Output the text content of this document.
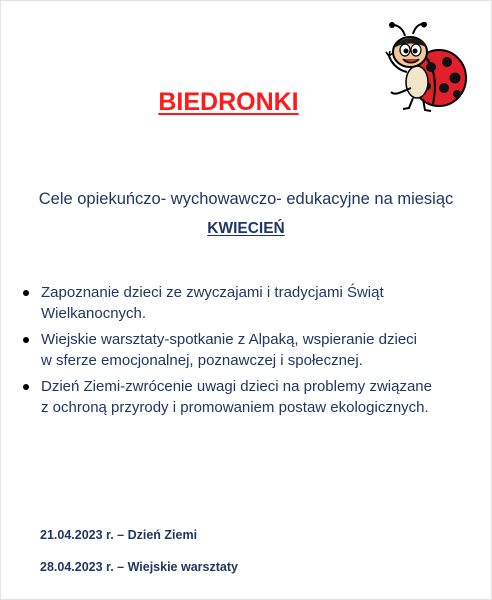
BIEDRONKI
Cele opiekuńczo- wychowawczo- edukacyjne na miesiąc
KWIECIEŃ
Zapoznanie dzieci ze zwyczajami i tradycjami Świąt
Wielkanocnych.
Wiejskie warsztaty-spotkanie z Alpaką, wspieranie dzieci
w sferze emocjonalnej, poznawczej i społecznej.
Dzień Ziemi-zwrócenie uwagi dzieci na problemy związane
z ochroną przyrody i promowaniem postaw ekologicznych.
21.04.2023 r. – Dzień Ziemi
28.04.2023 r. – Wiejskie warsztaty
